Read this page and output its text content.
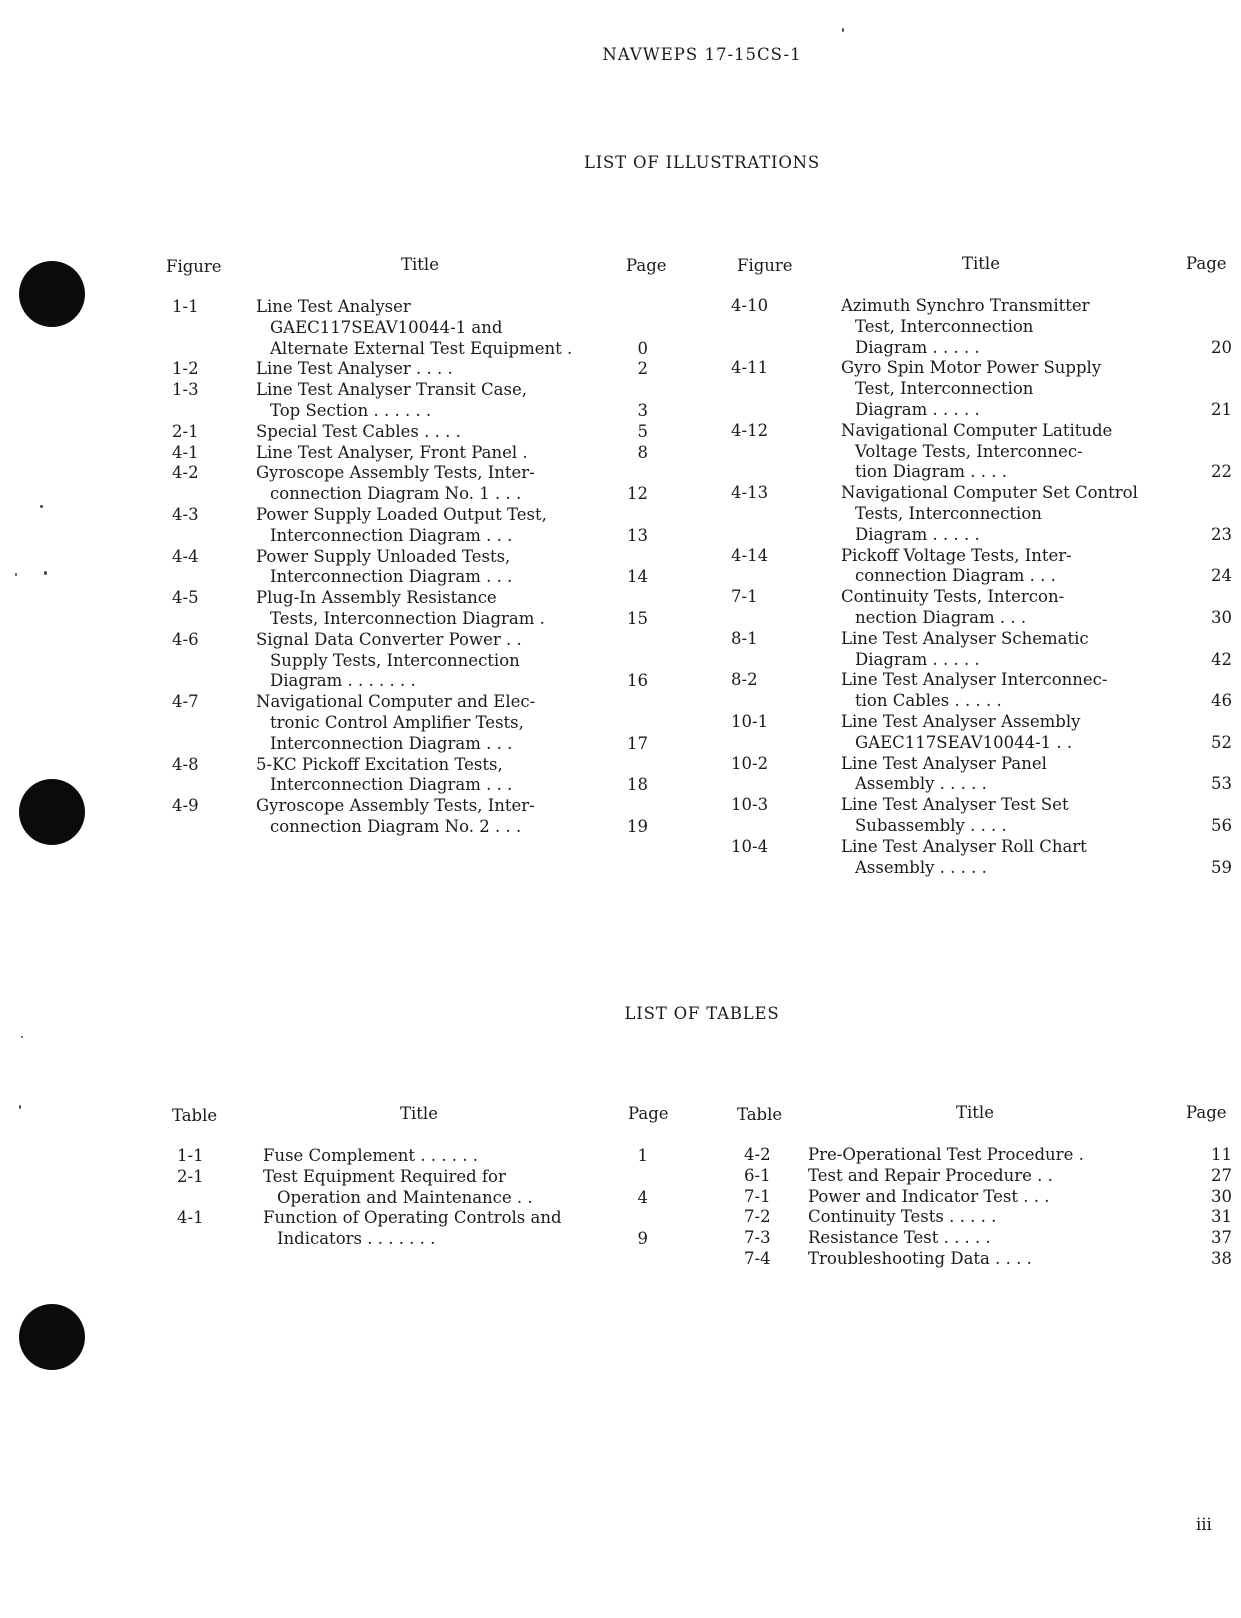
NAVWEPS 17-15CS-1
LIST OF ILLUSTRATIONS
Figure	Title	Page	Figure	Title	Page
1-1	Line Test Analyser
GAEC117SEAV10044-1 and
Alternate External Test Equipment .	0
1-2	Line Test Analyser . . . .	2
1-3	Line Test Analyser Transit Case,
Top Section . . . . . .	3
2-1	Special Test Cables . . . .	5
4-1	Line Test Analyser, Front Panel .	8
4-2	Gyroscope Assembly Tests, Inter-
connection Diagram No. 1 . . .	12
4-3	Power Supply Loaded Output Test,
Interconnection Diagram . . .	13
4-4	Power Supply Unloaded Tests,
Interconnection Diagram . . .	14
4-5	Plug-In Assembly Resistance
Tests, Interconnection Diagram .	15
4-6	Signal Data Converter Power . .
Supply Tests, Interconnection
Diagram . . . . . . .	16
4-7	Navigational Computer and Elec-
tronic Control Amplifier Tests,
Interconnection Diagram . . .	17
4-8	5-KC Pickoff Excitation Tests,
Interconnection Diagram . . .	18
4-9	Gyroscope Assembly Tests, Inter-
connection Diagram No. 2 . . .	19
4-10	Azimuth Synchro Transmitter
Test, Interconnection
Diagram . . . . .	20
4-11	Gyro Spin Motor Power Supply
Test, Interconnection
Diagram . . . . .	21
4-12	Navigational Computer Latitude
Voltage Tests, Interconnec-
tion Diagram . . . .	22
4-13	Navigational Computer Set Control
Tests, Interconnection
Diagram . . . . .	23
4-14	Pickoff Voltage Tests, Inter-
connection Diagram . . .	24
7-1	Continuity Tests, Intercon-
nection Diagram . . .	30
8-1	Line Test Analyser Schematic
Diagram . . . . .	42
8-2	Line Test Analyser Interconnec-
tion Cables . . . . .	46
10-1	Line Test Analyser Assembly
GAEC117SEAV10044-1 . .	52
10-2	Line Test Analyser Panel
Assembly . . . . .	53
10-3	Line Test Analyser Test Set
Subassembly . . . .	56
10-4	Line Test Analyser Roll Chart
Assembly . . . . .	59
LIST OF TABLES
Table	Title	Page	Table	Title	Page
1-1	Fuse Complement . . . . . .	1
2-1	Test Equipment Required for
Operation and Maintenance . .	4
4-1	Function of Operating Controls and
Indicators . . . . . . .	9
4-2 Pre-Operational Test Procedure .	11
6-1 Test and Repair Procedure . .	27
7-1 Power and Indicator Test . . .	30
7-2 Continuity Tests . . . . .	31
7-3 Resistance Test . . . . .	37
7-4 Troubleshooting Data . . . .	38
iii
